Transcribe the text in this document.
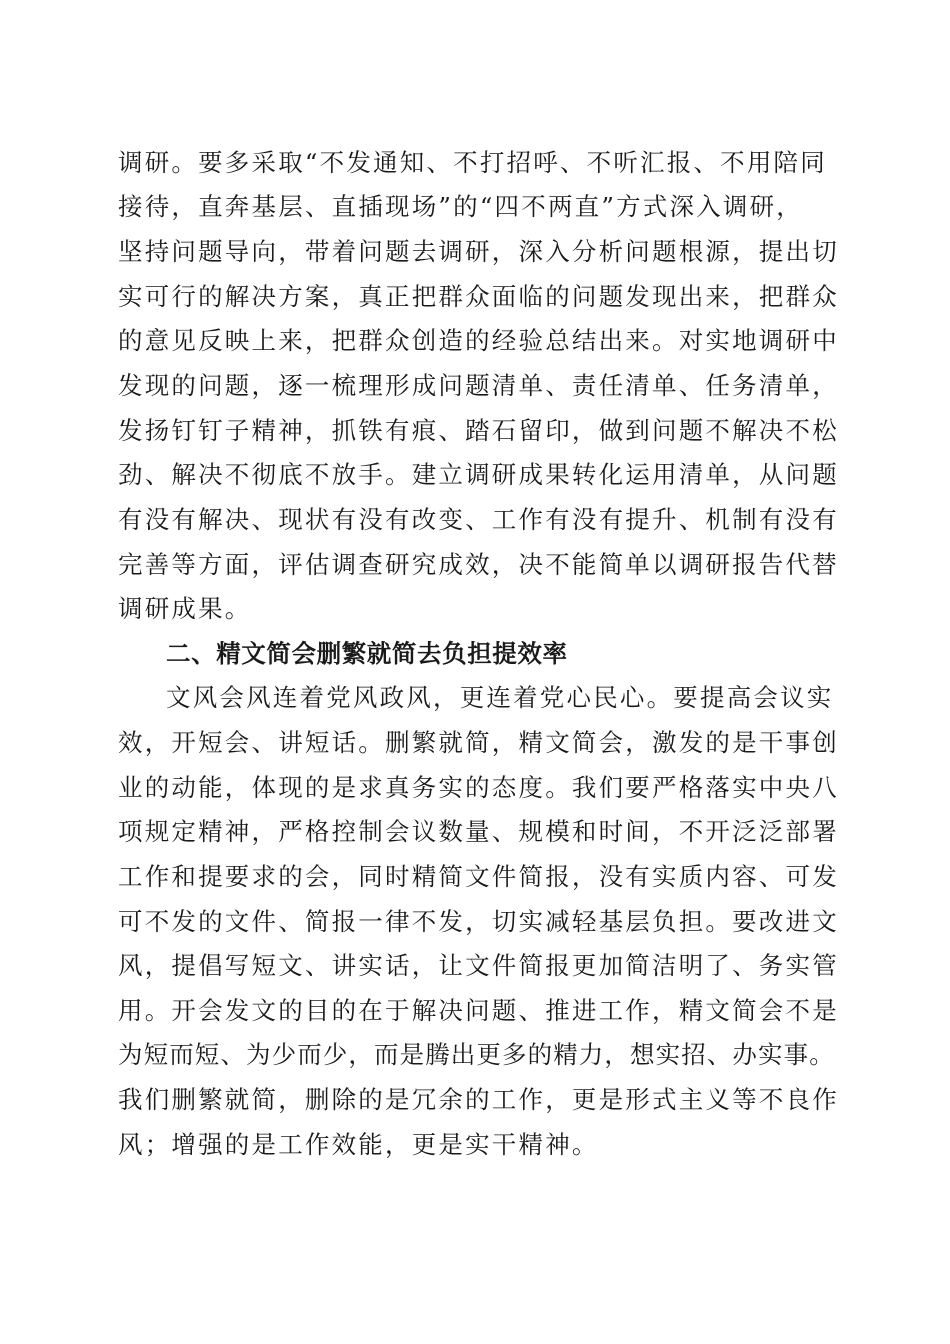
调研。要多采取“不发通知、不打招呼、不听汇报、不用陪同
接待，直奔基层、直插现场”的“四不两直”方式深入调研，
坚持问题导向，带着问题去调研，深入分析问题根源，提出切
实可行的解决方案，真正把群众面临的问题发现出来，把群众
的意见反映上来，把群众创造的经验总结出来。对实地调研中
发现的问题，逐一梳理形成问题清单、责任清单、任务清单，
发扬钉钉子精神，抓铁有痕、踏石留印，做到问题不解决不松
劲、解决不彻底不放手。建立调研成果转化运用清单，从问题
有没有解决、现状有没有改变、工作有没有提升、机制有没有
完善等方面，评估调查研究成效，决不能简单以调研报告代替
调研成果。
二、精文简会删繁就简去负担提效率
文风会风连着党风政风，更连着党心民心。要提高会议实
效，开短会、讲短话。删繁就简，精文简会，激发的是干事创
业的动能，体现的是求真务实的态度。我们要严格落实中央八
项规定精神，严格控制会议数量、规模和时间，不开泛泛部署
工作和提要求的会，同时精简文件简报，没有实质内容、可发
可不发的文件、简报一律不发，切实减轻基层负担。要改进文
风，提倡写短文、讲实话，让文件简报更加简洁明了、务实管
用。开会发文的目的在于解决问题、推进工作，精文简会不是
为短而短、为少而少，而是腾出更多的精力，想实招、办实事。
我们删繁就简，删除的是冗余的工作，更是形式主义等不良作
风；增强的是工作效能，更是实干精神。
